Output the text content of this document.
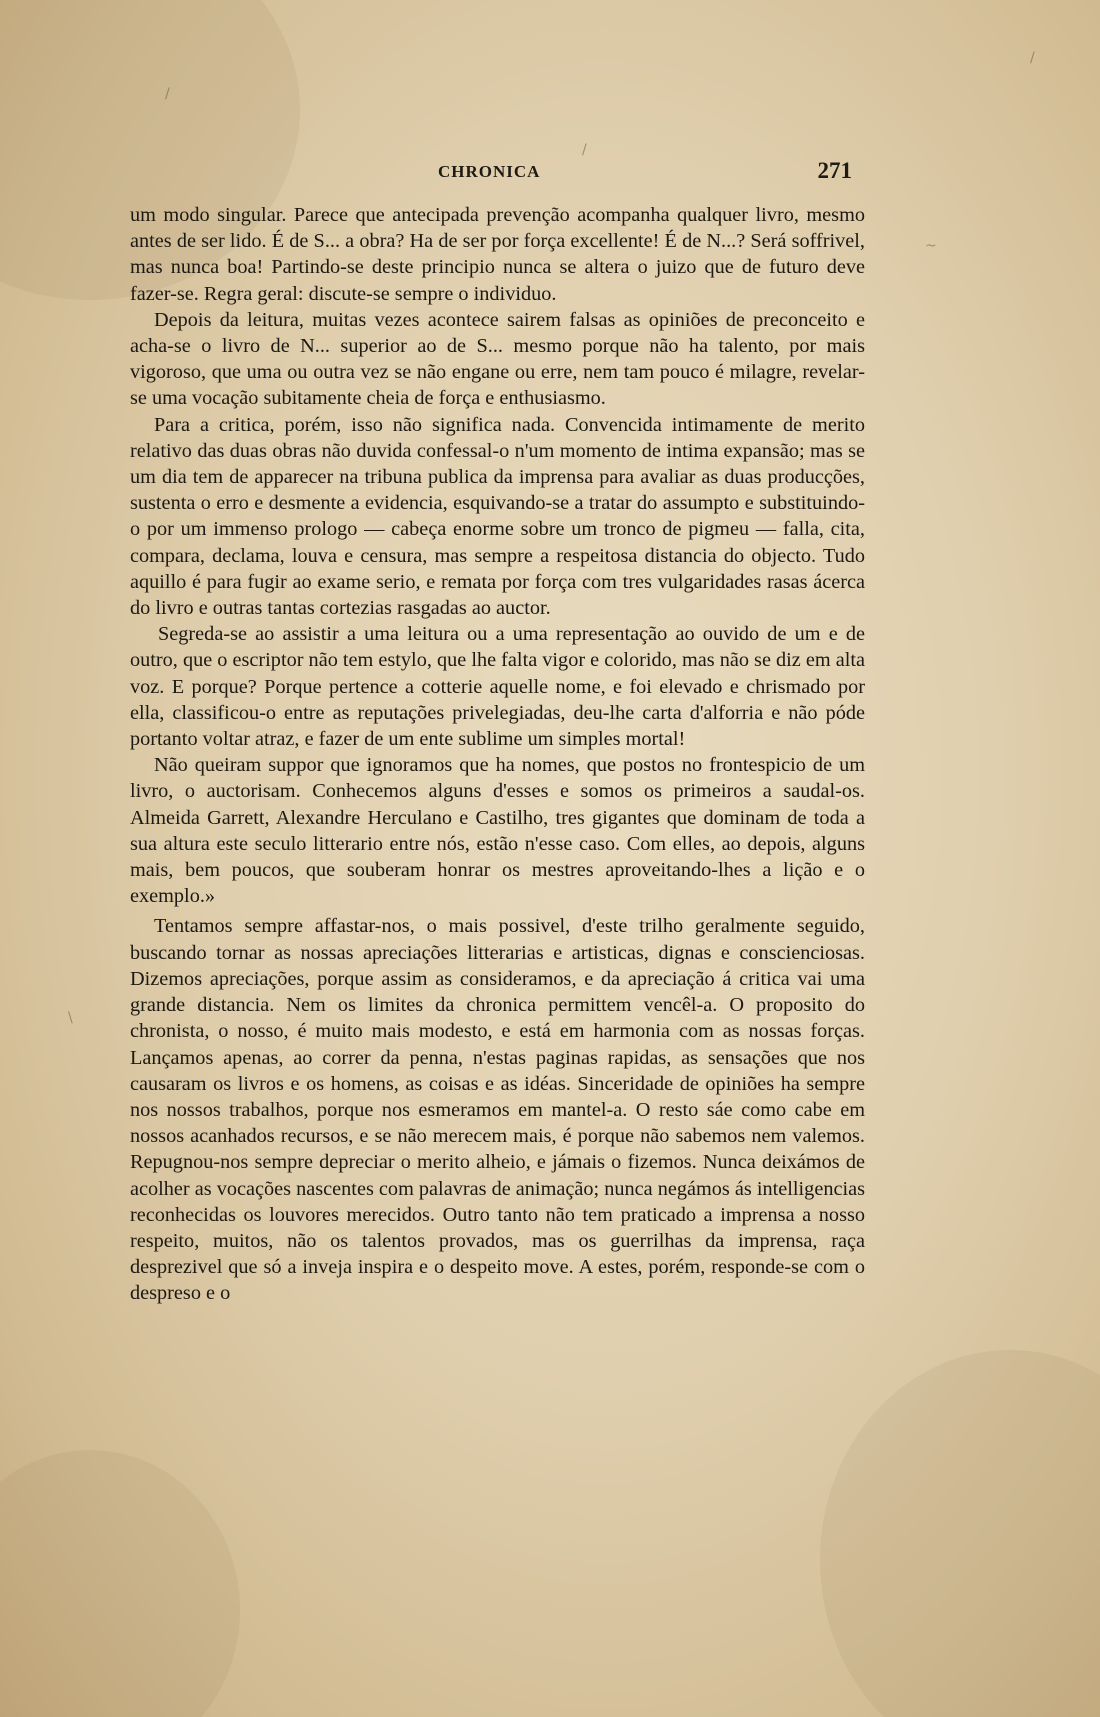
/
/
~
/
\
CHRONICA	271

um modo singular. Parece que antecipada prevenção acompanha qualquer livro, mesmo antes de ser lido. É de S... a obra? Ha de ser por força excellente! É de N...? Será soffrivel, mas nunca boa! Partindo-se deste principio nunca se altera o juizo que de futuro deve fazer-se. Regra geral: discute-se sempre o individuo.

Depois da leitura, muitas vezes acontece sairem falsas as opiniões de preconceito e acha-se o livro de N... superior ao de S... mesmo porque não ha talento, por mais vigoroso, que uma ou outra vez se não engane ou erre, nem tam pouco é milagre, revelar-se uma vocação subitamente cheia de força e enthusiasmo.

Para a critica, porém, isso não significa nada. Convencida intimamente de merito relativo das duas obras não duvida confessal-o n'um momento de intima expansão; mas se um dia tem de apparecer na tribuna publica da imprensa para avaliar as duas producções, sustenta o erro e desmente a evidencia, esquivando-se a tratar do assumpto e substituindo-o por um immenso prologo — cabeça enorme sobre um tronco de pigmeu — falla, cita, compara, declama, louva e censura, mas sempre a respeitosa distancia do objecto. Tudo aquillo é para fugir ao exame serio, e remata por força com tres vulgaridades rasas ácerca do livro e outras tantas cortezias rasgadas ao auctor.

Segreda-se ao assistir a uma leitura ou a uma representação ao ouvido de um e de outro, que o escriptor não tem estylo, que lhe falta vigor e colorido, mas não se diz em alta voz. E porque? Porque pertence a cotterie aquelle nome, e foi elevado e chrismado por ella, classificou-o entre as reputações privelegiadas, deu-lhe carta d'alforria e não póde portanto voltar atraz, e fazer de um ente sublime um simples mortal!

Não queiram suppor que ignoramos que ha nomes, que postos no frontespicio de um livro, o auctorisam. Conhecemos alguns d'esses e somos os primeiros a saudal-os. Almeida Garrett, Alexandre Herculano e Castilho, tres gigantes que dominam de toda a sua altura este seculo litterario entre nós, estão n'esse caso. Com elles, ao depois, alguns mais, bem poucos, que souberam honrar os mestres aproveitando-lhes a lição e o exemplo.»

Tentamos sempre affastar-nos, o mais possivel, d'este trilho geralmente seguido, buscando tornar as nossas apreciações litterarias e artisticas, dignas e conscienciosas. Dizemos apreciações, porque assim as consideramos, e da apreciação á critica vai uma grande distancia. Nem os limites da chronica permittem vencêl-a. O proposito do chronista, o nosso, é muito mais modesto, e está em harmonia com as nossas forças. Lançamos apenas, ao correr da penna, n'estas paginas rapidas, as sensações que nos causaram os livros e os homens, as coisas e as idéas. Sinceridade de opiniões ha sempre nos nossos trabalhos, porque nos esmeramos em mantel-a. O resto sáe como cabe em nossos acanhados recursos, e se não merecem mais, é porque não sabemos nem valemos. Repugnou-nos sempre depreciar o merito alheio, e jámais o fizemos. Nunca deixámos de acolher as vocações nascentes com palavras de animação; nunca negámos ás intelligencias reconhecidas os louvores merecidos. Outro tanto não tem praticado a imprensa a nosso respeito, muitos, não os talentos provados, mas os guerrilhas da imprensa, raça desprezivel que só a inveja inspira e o despeito move. A estes, porém, responde-se com o despreso e o
